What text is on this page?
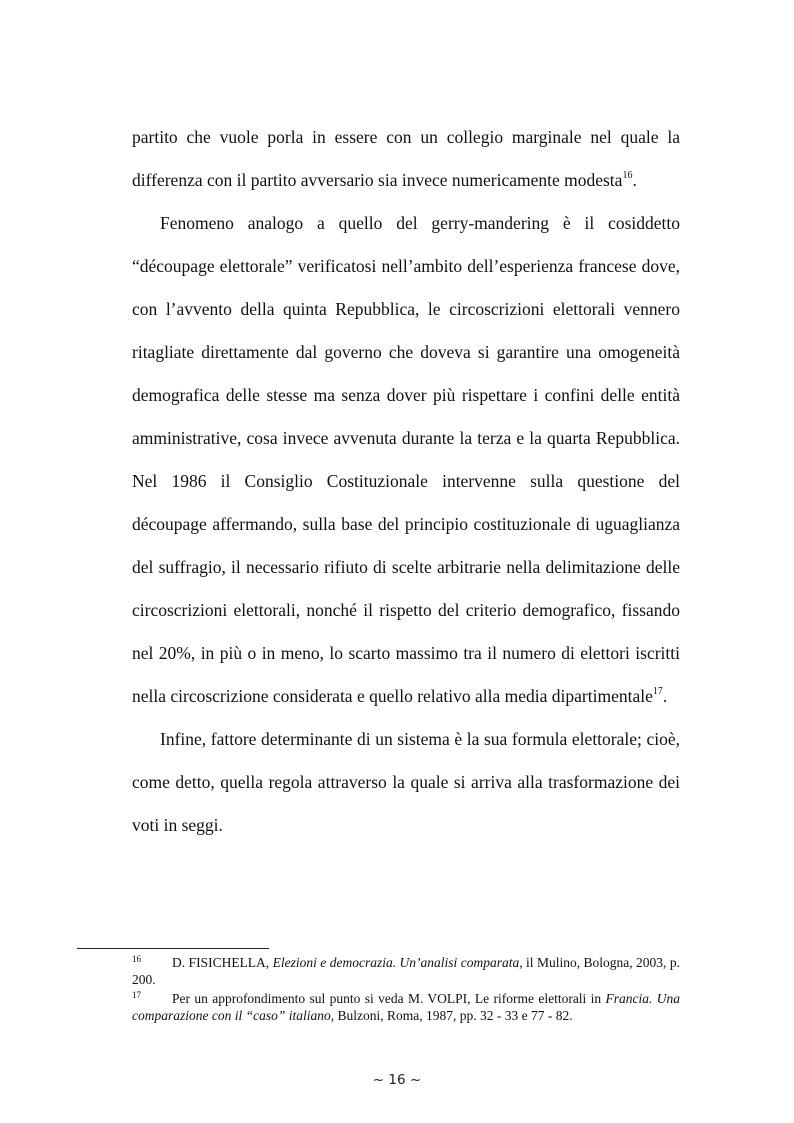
partito che vuole porla in essere con un collegio marginale nel quale la differenza con il partito avversario sia invece numericamente modesta$^{16}$.

Fenomeno analogo a quello del gerry-mandering è il cosiddetto “découpage elettorale” verificatosi nell’ambito dell’esperienza francese dove, con l’avvento della quinta Repubblica, le circoscrizioni elettorali vennero ritagliate direttamente dal governo che doveva si garantire una omogeneità demografica delle stesse ma senza dover più rispettare i confini delle entità amministrative, cosa invece avvenuta durante la terza e la quarta Repubblica. Nel 1986 il Consiglio Costituzionale intervenne sulla questione del découpage affermando, sulla base del principio costituzionale di uguaglianza del suffragio, il necessario rifiuto di scelte arbitrarie nella delimitazione delle circoscrizioni elettorali, nonché il rispetto del criterio demografico, fissando nel 20%, in più o in meno, lo scarto massimo tra il numero di elettori iscritti nella circoscrizione considerata e quello relativo alla media dipartimentale$^{17}$.

Infine, fattore determinante di un sistema è la sua formula elettorale; cioè, come detto, quella regola attraverso la quale si arriva alla trasformazione dei voti in seggi.

16 D. FISICHELLA, Elezioni e democrazia. Un’analisi comparata, il Mulino, Bologna, 2003, p. 200.

17 Per un approfondimento sul punto si veda M. VOLPI, Le riforme elettorali in Francia. Una comparazione con il “caso” italiano, Bulzoni, Roma, 1987, pp. 32 - 33 e 77 - 82.

~ 16 ~
